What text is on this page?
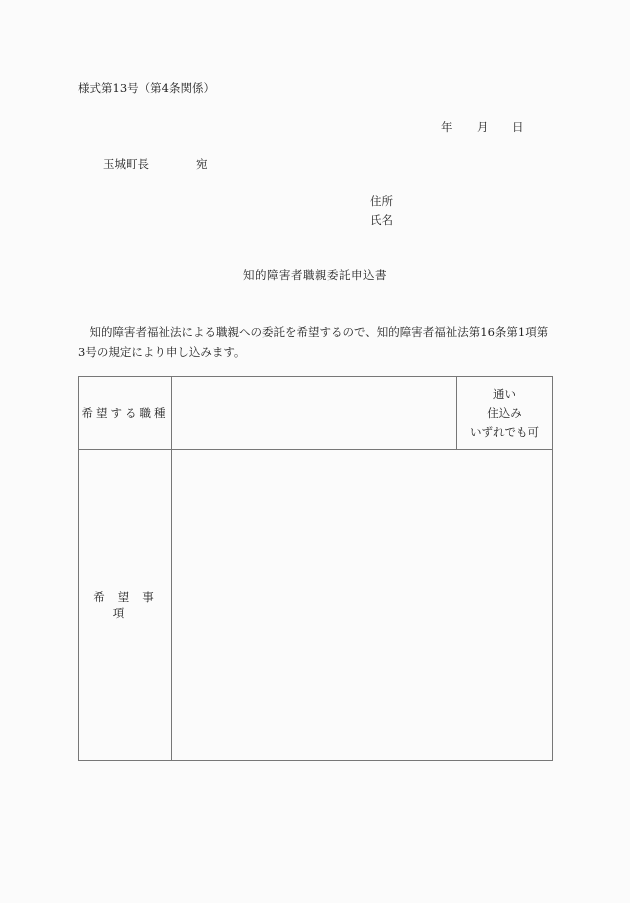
様式第13号（第4条関係）
年 月 日
玉城町長	宛
住所
氏名
知的障害者職親委託申込書
　知的障害者福祉法による職親への委託を希望するので、知的障害者福祉法第16条第1項第3号の規定により申し込みます。
希望する職種		通い
住込み
いずれでも可

希望事項		
